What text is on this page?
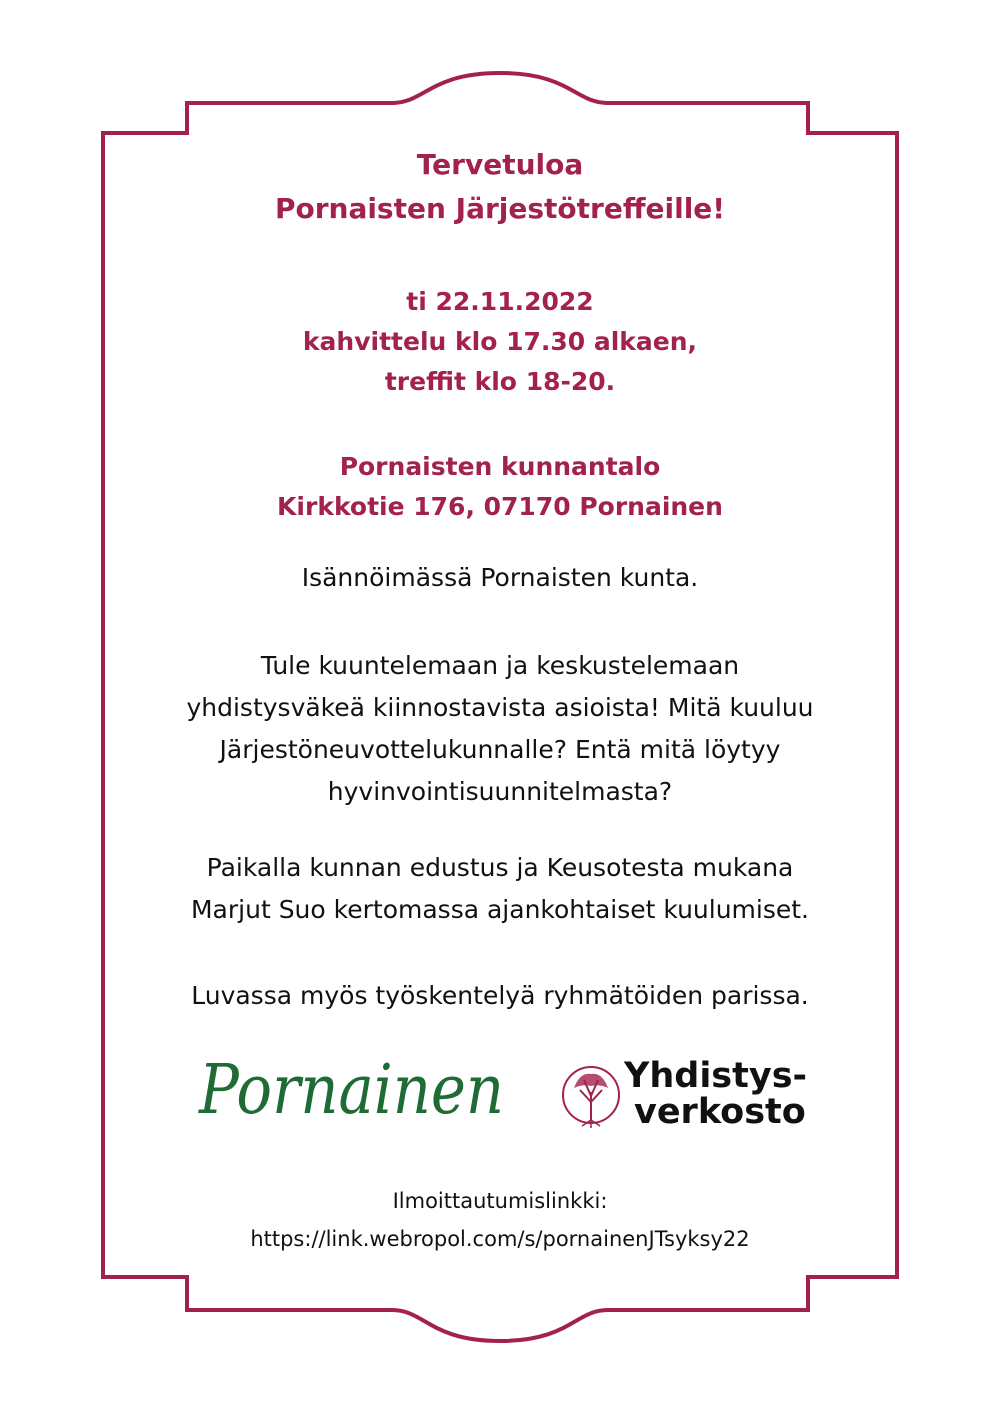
Tervetuloa
Pornaisten Järjestötreffeille!
ti 22.11.2022
kahvittelu klo 17.30 alkaen,
treffit klo 18-20.
Pornaisten kunnantalo
Kirkkotie 176, 07170 Pornainen
Isännöimässä Pornaisten kunta.
Tule kuuntelemaan ja keskustelemaan
yhdistysväkeä kiinnostavista asioista! Mitä kuuluu
Järjestöneuvottelukunnalle? Entä mitä löytyy
hyvinvointisuunnitelmasta?
Paikalla kunnan edustus ja Keusotesta mukana
Marjut Suo kertomassa ajankohtaiset kuulumiset.
Luvassa myös työskentelyä ryhmätöiden parissa.
Pornainen	Yhdistys-
verkosto
Ilmoittautumislinkki:
https://link.webropol.com/s/pornainenJTsyksy22
